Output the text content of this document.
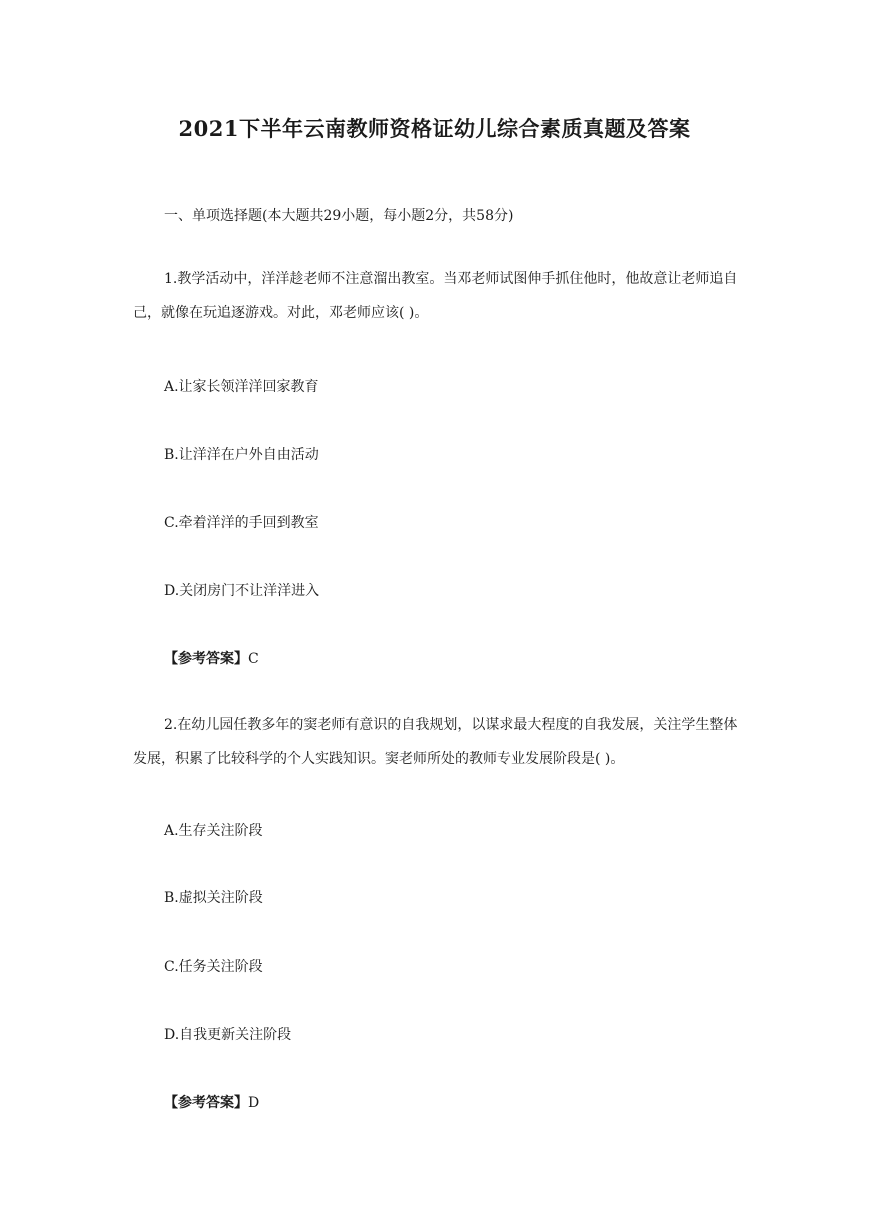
2021下半年云南教师资格证幼儿综合素质真题及答案
一、单项选择题(本大题共29小题，每小题2分，共58分)
1.教学活动中，洋洋趁老师不注意溜出教室。当邓老师试图伸手抓住他时，他故意让老师追自己，就像在玩追逐游戏。对此，邓老师应该( )。
A.让家长领洋洋回家教育
B.让洋洋在户外自由活动
C.牵着洋洋的手回到教室
D.关闭房门不让洋洋进入
【参考答案】C
2.在幼儿园任教多年的窦老师有意识的自我规划，以谋求最大程度的自我发展，关注学生整体发展，积累了比较科学的个人实践知识。窦老师所处的教师专业发展阶段是( )。
A.生存关注阶段
B.虚拟关注阶段
C.任务关注阶段
D.自我更新关注阶段
【参考答案】D
